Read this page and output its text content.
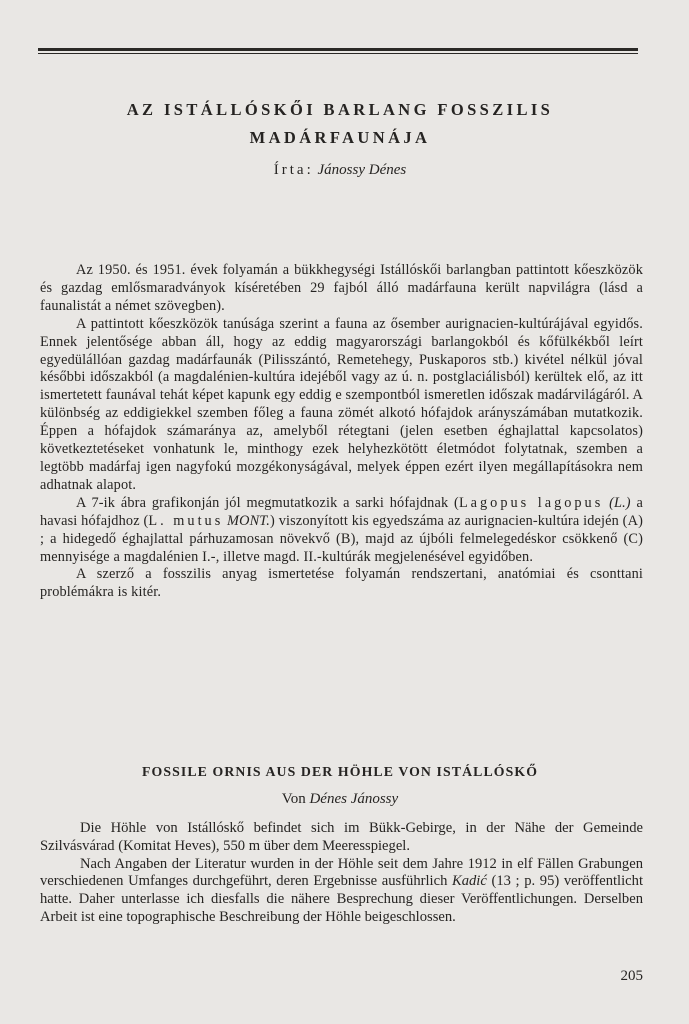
AZ ISTÁLLÓSKŐI BARLANG FOSSZILIS
MADÁRFAUNÁJA
Írta: Jánossy Dénes

Az 1950. és 1951. évek folyamán a bükkhegységi Istállóskői barlangban pattintott kőeszközök és gazdag emlősmaradványok kíséretében 29 fajból álló madárfauna került napvilágra (lásd a faunalistát a német szövegben).

A pattintott kőeszközök tanúsága szerint a fauna az ősember aurignacien-kultúrájával egyidős. Ennek jelentősége abban áll, hogy az eddig magyarországi barlangokból és kőfülkékből leírt egyedülállóan gazdag madárfaunák (Pilisszántó, Remetehegy, Puskaporos stb.) kivétel nélkül jóval későbbi időszakból (a magdalénien-kultúra idejéből vagy az ú. n. postglaciálisból) kerültek elő, az itt ismertetett faunával tehát képet kapunk egy eddig e szempontból ismeretlen időszak madárvilágáról. A különbség az eddigiekkel szemben főleg a fauna zömét alkotó hófajdok arányszámában mutatkozik. Éppen a hófajdok számaránya az, amelyből rétegtani (jelen esetben éghajlattal kapcsolatos) következtetéseket vonhatunk le, minthogy ezek helyhezkötött életmódot folytatnak, szemben a legtöbb madárfaj igen nagyfokú mozgékonyságával, melyek éppen ezért ilyen megállapításokra nem adhatnak alapot.

A 7-ik ábra grafikonján jól megmutatkozik a sarki hófajdnak (Lagopus lagopus (L.) a havasi hófajdhoz (L. mutus MONT.) viszonyított kis egyedszáma az aurignacien-kultúra idején (A) ; a hidegedő éghajlattal párhuzamosan növekvő (B), majd az újbóli felmelegedéskor csökkenő (C) mennyisége a magdalénien I.-, illetve magd. II.-kultúrák megjelenésével egyidőben.

A szerző a fosszilis anyag ismertetése folyamán rendszertani, anatómiai és csonttani problémákra is kitér.

FOSSILE ORNIS AUS DER HÖHLE VON ISTÁLLÓSKŐ
Von Dénes Jánossy

Die Höhle von Istállóskő befindet sich im Bükk-Gebirge, in der Nähe der Gemeinde Szilvásvárad (Komitat Heves), 550 m über dem Meeresspiegel.

Nach Angaben der Literatur wurden in der Höhle seit dem Jahre 1912 in elf Fällen Grabungen verschiedenen Umfanges durchgeführt, deren Ergebnisse ausführlich Kadić (13 ; p. 95) veröffentlicht hatte. Daher unterlasse ich diesfalls die nähere Besprechung dieser Veröffentlichungen. Derselben Arbeit ist eine topographische Beschreibung der Höhle beigeschlossen.

205
